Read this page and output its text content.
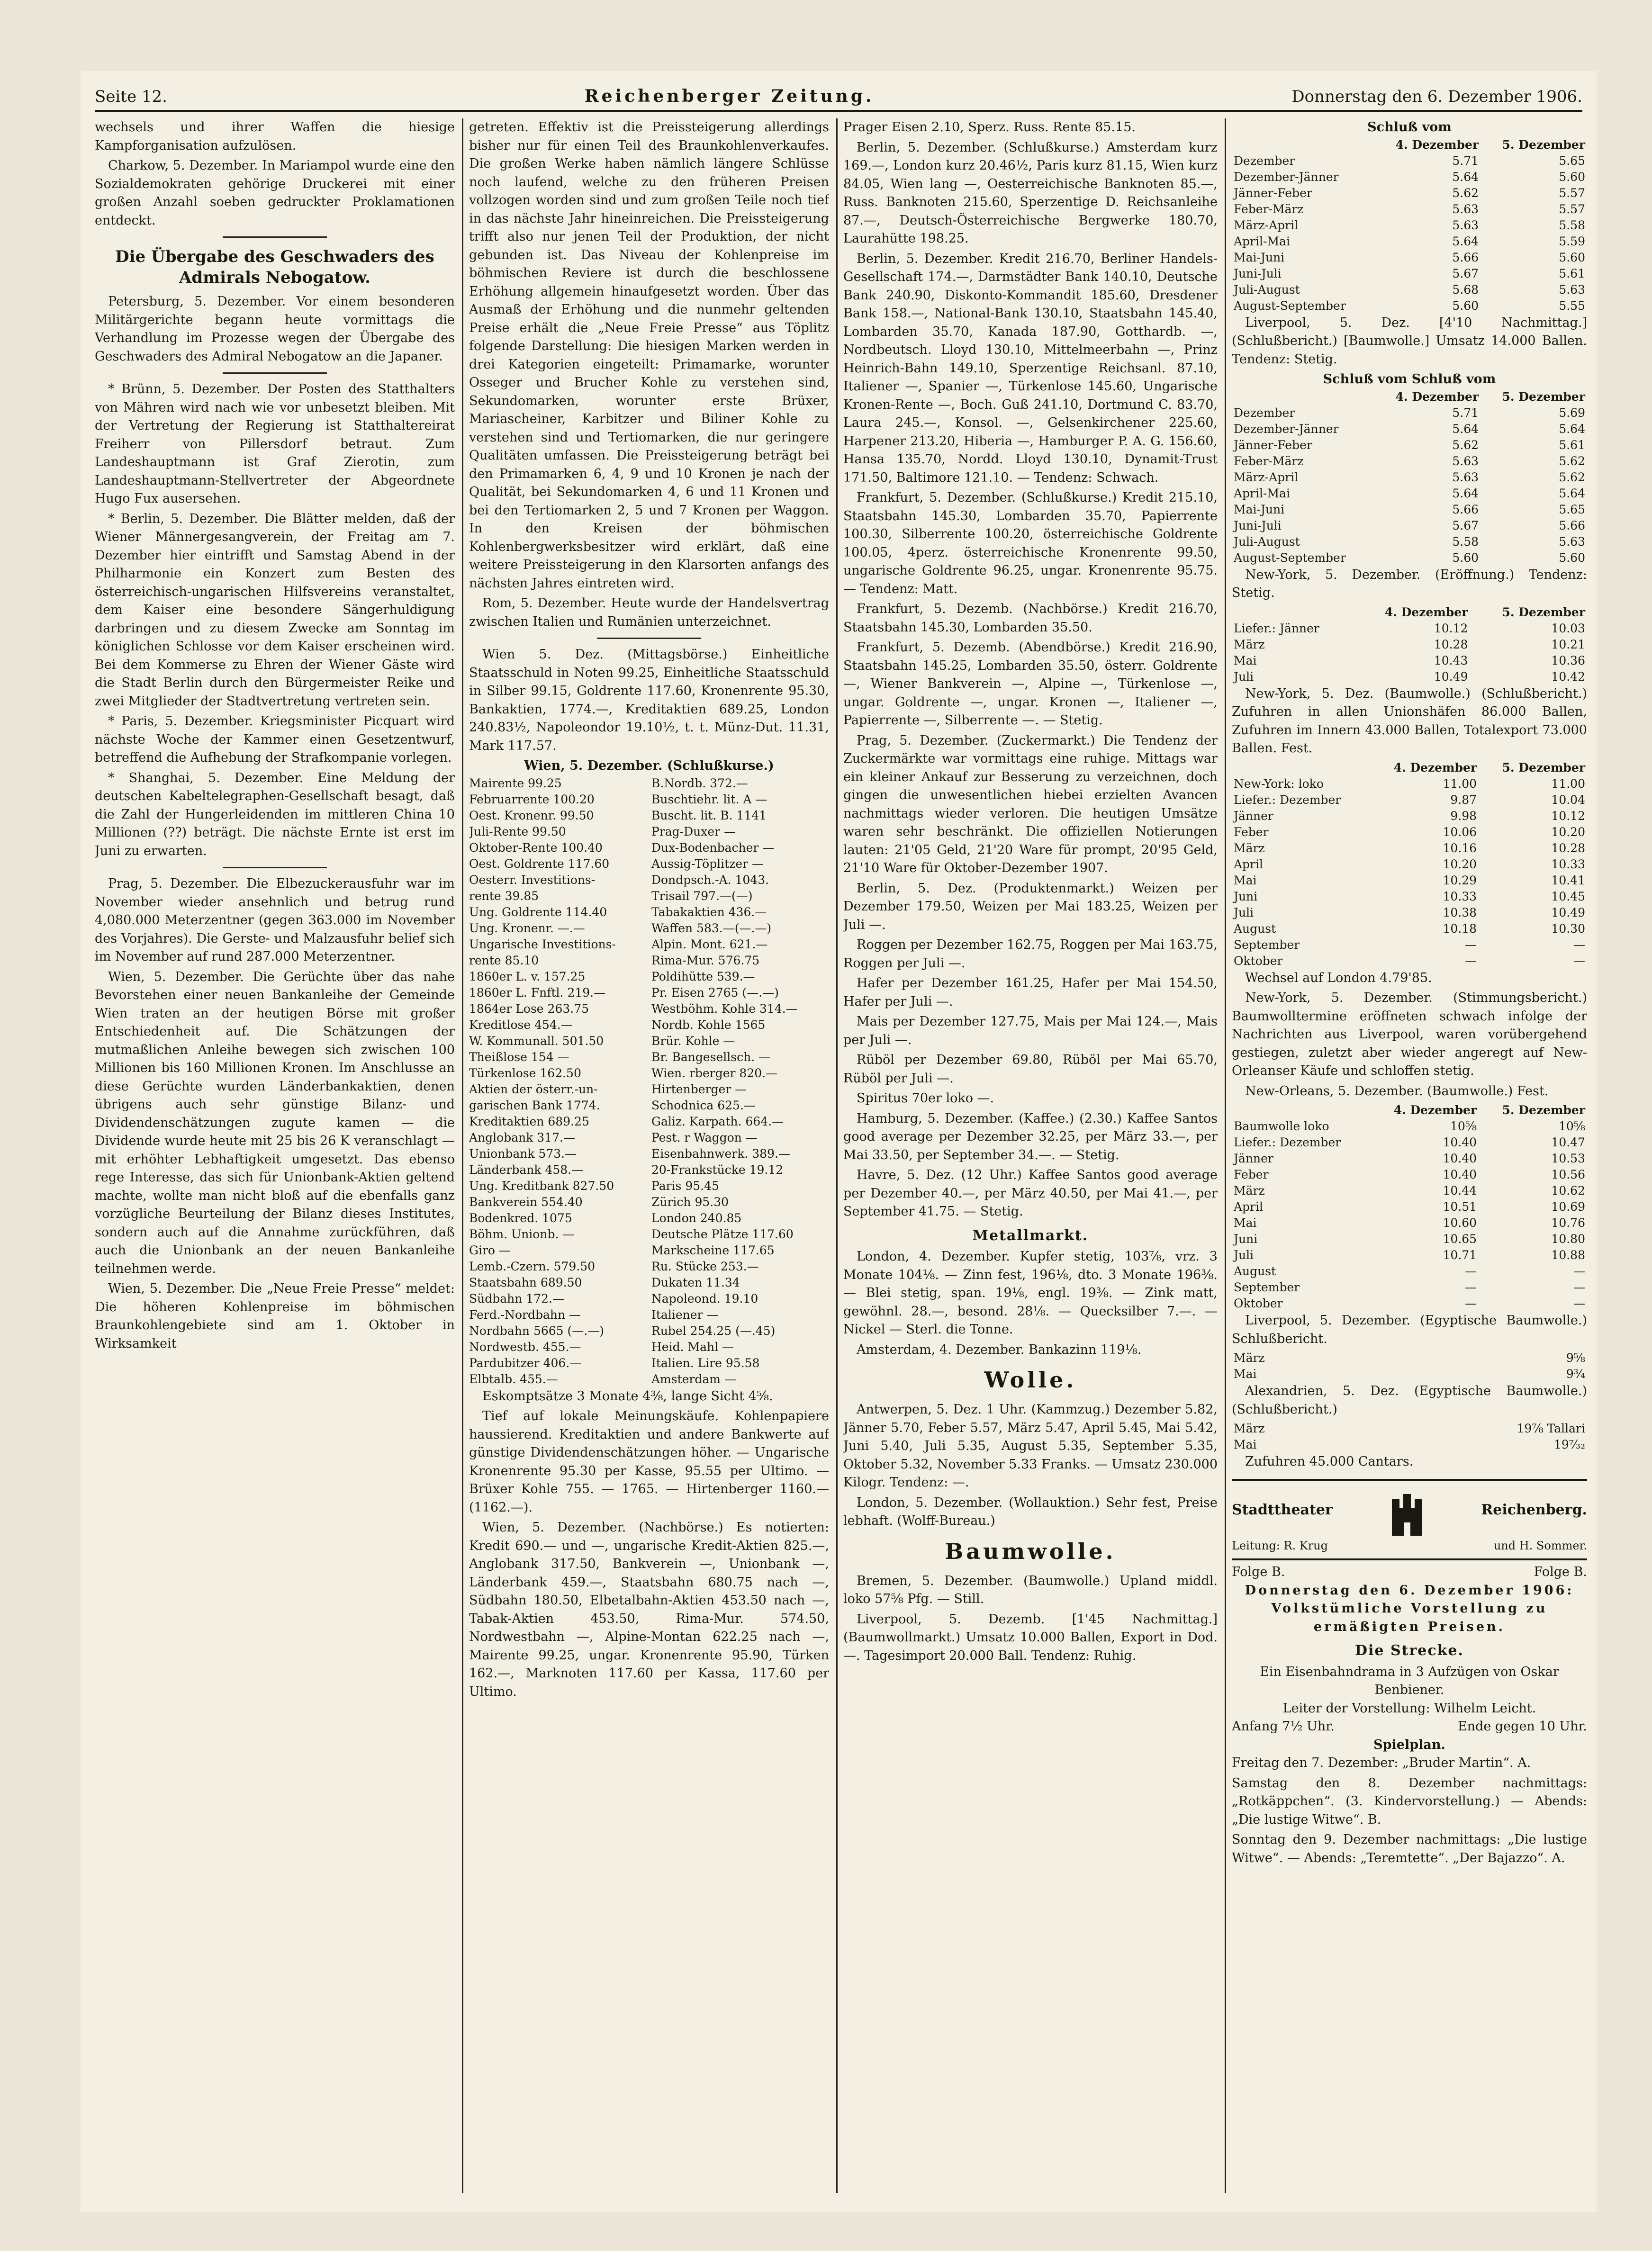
Seite 12.	Reichenberger Zeitung.	Donnerstag den 6. Dezember 1906.

wechsels und ihrer Waffen die hiesige Kampforganisation aufzulösen.

Charkow, 5. Dezember. In Mariampol wurde eine den Sozialdemokraten gehörige Druckerei mit einer großen Anzahl soeben gedruckter Proklamationen entdeckt.

Die Übergabe des Geschwaders des Admirals Nebogatow.

Petersburg, 5. Dezember. Vor einem besonderen Militärgerichte begann heute vormittags die Verhandlung im Prozesse wegen der Übergabe des Geschwaders des Admiral Nebogatow an die Japaner.

* Brünn, 5. Dezember. Der Posten des Statthalters von Mähren wird nach wie vor unbesetzt bleiben. Mit der Vertretung der Regierung ist Statthaltereirat Freiherr von Pillersdorf betraut. Zum Landeshauptmann ist Graf Zierotin, zum Landeshauptmann-Stellvertreter der Abgeordnete Hugo Fux ausersehen.

* Berlin, 5. Dezember. Die Blätter melden, daß der Wiener Männergesangverein, der Freitag am 7. Dezember hier eintrifft und Samstag Abend in der Philharmonie ein Konzert zum Besten des österreichisch-ungarischen Hilfsvereins veranstaltet, dem Kaiser eine besondere Sängerhuldigung darbringen und zu diesem Zwecke am Sonntag im königlichen Schlosse vor dem Kaiser erscheinen wird. Bei dem Kommerse zu Ehren der Wiener Gäste wird die Stadt Berlin durch den Bürgermeister Reike und zwei Mitglieder der Stadtvertretung vertreten sein.

* Paris, 5. Dezember. Kriegsminister Picquart wird nächste Woche der Kammer einen Gesetzentwurf, betreffend die Aufhebung der Strafkompanie vorlegen.

* Shanghai, 5. Dezember. Eine Meldung der deutschen Kabeltelegraphen-Gesellschaft besagt, daß die Zahl der Hungerleidenden im mittleren China 10 Millionen (??) beträgt. Die nächste Ernte ist erst im Juni zu erwarten.

Prag, 5. Dezember. Die Elbezuckerausfuhr war im November wieder ansehnlich und betrug rund 4,080.000 Meterzentner (gegen 363.000 im November des Vorjahres). Die Gerste- und Malzausfuhr belief sich im November auf rund 287.000 Meterzentner.

Wien, 5. Dezember. Die Gerüchte über das nahe Bevorstehen einer neuen Bankanleihe der Gemeinde Wien traten an der heutigen Börse mit großer Entschiedenheit auf. Die Schätzungen der mutmaßlichen Anleihe bewegen sich zwischen 100 Millionen bis 160 Millionen Kronen. Im Anschlusse an diese Gerüchte wurden Länderbankaktien, denen übrigens auch sehr günstige Bilanz- und Dividendenschätzungen zugute kamen — die Dividende wurde heute mit 25 bis 26 K veranschlagt — mit erhöhter Lebhaftigkeit umgesetzt. Das ebenso rege Interesse, das sich für Unionbank-Aktien geltend machte, wollte man nicht bloß auf die ebenfalls ganz vorzügliche Beurteilung der Bilanz dieses Institutes, sondern auch auf die Annahme zurückführen, daß auch die Unionbank an der neuen Bankanleihe teilnehmen werde.

Wien, 5. Dezember. Die „Neue Freie Presse“ meldet: Die höheren Kohlenpreise im böhmischen Braunkohlengebiete sind am 1. Oktober in Wirksamkeit

getreten. Effektiv ist die Preissteigerung allerdings bisher nur für einen Teil des Braunkohlenverkaufes. Die großen Werke haben nämlich längere Schlüsse noch laufend, welche zu den früheren Preisen vollzogen worden sind und zum großen Teile noch tief in das nächste Jahr hineinreichen. Die Preissteigerung trifft also nur jenen Teil der Produktion, der nicht gebunden ist. Das Niveau der Kohlenpreise im böhmischen Reviere ist durch die beschlossene Erhöhung allgemein hinaufgesetzt worden. Über das Ausmaß der Erhöhung und die nunmehr geltenden Preise erhält die „Neue Freie Presse“ aus Töplitz folgende Darstellung: Die hiesigen Marken werden in drei Kategorien eingeteilt: Primamarke, worunter Osseger und Brucher Kohle zu verstehen sind, Sekundomarken, worunter erste Brüxer, Mariascheiner, Karbitzer und Biliner Kohle zu verstehen sind und Tertiomarken, die nur geringere Qualitäten umfassen. Die Preissteigerung beträgt bei den Primamarken 6, 4, 9 und 10 Kronen je nach der Qualität, bei Sekundomarken 4, 6 und 11 Kronen und bei den Tertiomarken 2, 5 und 7 Kronen per Waggon. In den Kreisen der böhmischen Kohlenbergwerksbesitzer wird erklärt, daß eine weitere Preissteigerung in den Klarsorten anfangs des nächsten Jahres eintreten wird.

Rom, 5. Dezember. Heute wurde der Handelsvertrag zwischen Italien und Rumänien unterzeichnet.

Wien 5. Dez. (Mittagsbörse.) Einheitliche Staatsschuld in Noten 99.25, Einheitliche Staatsschuld in Silber 99.15, Goldrente 117.60, Kronenrente 95.30, Bankaktien, 1774.—, Kreditaktien 689.25, London 240.83½, Napoleondor 19.10½, t. t. Münz-Dut. 11.31, Mark 117.57.

Wien, 5. Dezember. (Schlußkurse.)
Mairente 99.25	B.Nordb. 372.—
Februarrente 100.20	Buschtiehr. lit. A —
Oest. Kronenr. 99.50	Buscht. lit. B. 1141
Juli-Rente 99.50	Prag-Duxer —
Oktober-Rente 100.40	Dux-Bodenbacher —
Oest. Goldrente 117.60	Aussig-Töplitzer —
Oesterr. Investitions-	Dondpsch.-A. 1043.
rente 39.85	Trisail 797.—(—)
Ung. Goldrente 114.40	Tabakaktien 436.—
Ung. Kronenr. —.—	Waffen 583.—(—.—)
Ungarische Investitions-	Alpin. Mont. 621.—
rente 85.10	Rima-Mur. 576.75
1860er L. v. 157.25	Poldihütte 539.—
1860er L. Fnftl. 219.—	Pr. Eisen 2765 (—.—)
1864er Lose 263.75	Westböhm. Kohle 314.—
Kreditlose 454.—	Nordb. Kohle 1565
W. Kommunall. 501.50	Brür. Kohle —
Theißlose 154 —	Br. Bangesellsch. —
Türkenlose 162.50	Wien. rberger 820.—
Aktien der österr.-un-	Hirtenberger —
garischen Bank 1774.	Schodnica 625.—
Kreditaktien 689.25	Galiz. Karpath. 664.—
Anglobank 317.—	Pest. r Waggon —
Unionbank 573.—	Eisenbahnwerk. 389.—
Länderbank 458.—	20-Frankstücke 19.12
Ung. Kreditbank 827.50	Paris 95.45
Bankverein 554.40	Zürich 95.30
Bodenkred. 1075	London 240.85
Böhm. Unionb. —	Deutsche Plätze 117.60
Giro —	Markscheine 117.65
Lemb.-Czern. 579.50	Ru. Stücke 253.—
Staatsbahn 689.50	Dukaten 11.34
Südbahn 172.—	Napoleond. 19.10
Ferd.-Nordbahn —	Italiener —
Nordbahn 5665 (—.—)	Rubel 254.25 (—.45)
Nordwestb. 455.—	Heid. Mahl —
Pardubitzer 406.—	Italien. Lire 95.58
Elbtalb. 455.—	Amsterdam —

Eskomptsätze 3 Monate 4⅜, lange Sicht 4⅝.

Tief auf lokale Meinungskäufe. Kohlenpapiere haussierend. Kreditaktien und andere Bankwerte auf günstige Dividendenschätzungen höher. — Ungarische Kronenrente 95.30 per Kasse, 95.55 per Ultimo. — Brüxer Kohle 755. — 1765. — Hirtenberger 1160.— (1162.—).

Wien, 5. Dezember. (Nachbörse.) Es notierten: Kredit 690.— und —, ungarische Kredit-Aktien 825.—, Anglobank 317.50, Bankverein —, Unionbank —, Länderbank 459.—, Staatsbahn 680.75 nach —, Südbahn 180.50, Elbetalbahn-Aktien 453.50 nach —, Tabak-Aktien 453.50, Rima-Mur. 574.50, Nordwestbahn —, Alpine-Montan 622.25 nach —, Mairente 99.25, ungar. Kronenrente 95.90, Türken 162.—, Marknoten 117.60 per Kassa, 117.60 per Ultimo.

Prager Eisen 2.10, Sperz. Russ. Rente 85.15.

Berlin, 5. Dezember. (Schlußkurse.) Amsterdam kurz 169.—, London kurz 20.46½, Paris kurz 81.15, Wien kurz 84.05, Wien lang —, Oesterreichische Banknoten 85.—, Russ. Banknoten 215.60, Sperzentige D. Reichsanleihe 87.—, Deutsch-Österreichische Bergwerke 180.70, Laurahütte 198.25.

Berlin, 5. Dezember. Kredit 216.70, Berliner Handels-Gesellschaft 174.—, Darmstädter Bank 140.10, Deutsche Bank 240.90, Diskonto-Kommandit 185.60, Dresdener Bank 158.—, National-Bank 130.10, Staatsbahn 145.40, Lombarden 35.70, Kanada 187.90, Gotthardb. —, Nordbeutsch. Lloyd 130.10, Mittelmeerbahn —, Prinz Heinrich-Bahn 149.10, Sperzentige Reichsanl. 87.10, Italiener —, Spanier —, Türkenlose 145.60, Ungarische Kronen-Rente —, Boch. Guß 241.10, Dortmund C. 83.70, Laura 245.—, Konsol. —, Gelsenkirchener 225.60, Harpener 213.20, Hiberia —, Hamburger P. A. G. 156.60, Hansa 135.70, Nordd. Lloyd 130.10, Dynamit-Trust 171.50, Baltimore 121.10. — Tendenz: Schwach.

Frankfurt, 5. Dezember. (Schlußkurse.) Kredit 215.10, Staatsbahn 145.30, Lombarden 35.70, Papierrente 100.30, Silberrente 100.20, österreichische Goldrente 100.05, 4perz. österreichische Kronenrente 99.50, ungarische Goldrente 96.25, ungar. Kronenrente 95.75. — Tendenz: Matt.

Frankfurt, 5. Dezemb. (Nachbörse.) Kredit 216.70, Staatsbahn 145.30, Lombarden 35.50.

Frankfurt, 5. Dezemb. (Abendbörse.) Kredit 216.90, Staatsbahn 145.25, Lombarden 35.50, österr. Goldrente —, Wiener Bankverein —, Alpine —, Türkenlose —, ungar. Goldrente —, ungar. Kronen —, Italiener —, Papierrente —, Silberrente —. — Stetig.

Prag, 5. Dezember. (Zuckermarkt.) Die Tendenz der Zuckermärkte war vormittags eine ruhige. Mittags war ein kleiner Ankauf zur Besserung zu verzeichnen, doch gingen die unwesentlichen hiebei erzielten Avancen nachmittags wieder verloren. Die heutigen Umsätze waren sehr beschränkt. Die offiziellen Notierungen lauten: 21'05 Geld, 21'20 Ware für prompt, 20'95 Geld, 21'10 Ware für Oktober-Dezember 1907.

Berlin, 5. Dez. (Produktenmarkt.) Weizen per Dezember 179.50, Weizen per Mai 183.25, Weizen per Juli —.

Roggen per Dezember 162.75, Roggen per Mai 163.75, Roggen per Juli —.

Hafer per Dezember 161.25, Hafer per Mai 154.50, Hafer per Juli —.

Mais per Dezember 127.75, Mais per Mai 124.—, Mais per Juli —.

Rüböl per Dezember 69.80, Rüböl per Mai 65.70, Rüböl per Juli —.

Spiritus 70er loko —.

Hamburg, 5. Dezember. (Kaffee.) (2.30.) Kaffee Santos good average per Dezember 32.25, per März 33.—, per Mai 33.50, per September 34.—. — Stetig.

Havre, 5. Dez. (12 Uhr.) Kaffee Santos good average per Dezember 40.—, per März 40.50, per Mai 41.—, per September 41.75. — Stetig.

Metallmarkt.

London, 4. Dezember. Kupfer stetig, 103⅞, vrz. 3 Monate 104⅛. — Zinn fest, 196⅛, dto. 3 Monate 196⅜. — Blei stetig, span. 19⅛, engl. 19⅜. — Zink matt, gewöhnl. 28.—, besond. 28⅛. — Quecksilber 7.—. — Nickel — Sterl. die Tonne.

Amsterdam, 4. Dezember. Bankazinn 119⅛.

Wolle.

Antwerpen, 5. Dez. 1 Uhr. (Kammzug.) Dezember 5.82, Jänner 5.70, Feber 5.57, März 5.47, April 5.45, Mai 5.42, Juni 5.40, Juli 5.35, August 5.35, September 5.35, Oktober 5.32, November 5.33 Franks. — Umsatz 230.000 Kilogr. Tendenz: —.

London, 5. Dezember. (Wollauktion.) Sehr fest, Preise lebhaft. (Wolff-Bureau.)

Baumwolle.

Bremen, 5. Dezember. (Baumwolle.) Upland middl. loko 57⅝ Pfg. — Still.

Liverpool, 5. Dezemb. [1'45 Nachmittag.] (Baumwollmarkt.) Umsatz 10.000 Ballen, Export in Dod. —. Tagesimport 20.000 Ball. Tendenz: Ruhig.

Schluß vom
	4. Dezember	5. Dezember
Dezember	5.71	5.65
Dezember-Jänner	5.64	5.60
Jänner-Feber	5.62	5.57
Feber-März	5.63	5.57
März-April	5.63	5.58
April-Mai	5.64	5.59
Mai-Juni	5.66	5.60
Juni-Juli	5.67	5.61
Juli-August	5.68	5.63
August-September	5.60	5.55

Liverpool, 5. Dez. [4'10 Nachmittag.] (Schlußbericht.) [Baumwolle.] Umsatz 14.000 Ballen. Tendenz: Stetig.

Schluß vom Schluß vom
	4. Dezember	5. Dezember
Dezember	5.71	5.69
Dezember-Jänner	5.64	5.64
Jänner-Feber	5.62	5.61
Feber-März	5.63	5.62
März-April	5.63	5.62
April-Mai	5.64	5.64
Mai-Juni	5.66	5.65
Juni-Juli	5.67	5.66
Juli-August	5.58	5.63
August-September	5.60	5.60

New-York, 5. Dezember. (Eröffnung.) Tendenz: Stetig.

	4. Dezember	5. Dezember
Liefer.: Jänner	10.12	10.03
März	10.28	10.21
Mai	10.43	10.36
Juli	10.49	10.42

New-York, 5. Dez. (Baumwolle.) (Schlußbericht.) Zufuhren in allen Unionshäfen 86.000 Ballen, Zufuhren im Innern 43.000 Ballen, Totalexport 73.000 Ballen. Fest.

	4. Dezember	5. Dezember
New-York: loko	11.00	11.00
Liefer.: Dezember	9.87	10.04
Jänner	9.98	10.12
Feber	10.06	10.20
März	10.16	10.28
April	10.20	10.33
Mai	10.29	10.41
Juni	10.33	10.45
Juli	10.38	10.49
August	10.18	10.30
September	—	—
Oktober	—	—

Wechsel auf London 4.79'85.

New-York, 5. Dezember. (Stimmungsbericht.) Baumwolltermine eröffneten schwach infolge der Nachrichten aus Liverpool, waren vorübergehend gestiegen, zuletzt aber wieder angeregt auf New-Orleanser Käufe und schloffen stetig.

New-Orleans, 5. Dezember. (Baumwolle.) Fest.

	4. Dezember	5. Dezember
Baumwolle loko	10⅝	10⅝
Liefer.: Dezember	10.40	10.47
Jänner	10.40	10.53
Feber	10.40	10.56
März	10.44	10.62
April	10.51	10.69
Mai	10.60	10.76
Juni	10.65	10.80
Juli	10.71	10.88
August	—	—
September	—	—
Oktober	—	—

Liverpool, 5. Dezember. (Egyptische Baumwolle.) Schlußbericht.

März	9⅝
Mai	9¾

Alexandrien, 5. Dez. (Egyptische Baumwolle.) (Schlußbericht.)

März	19⅞ Tallari
Mai	19⁷⁄₃₂

Zufuhren 45.000 Cantars.

Stadttheater	Reichenberg.
Leitung: R. Krug	und H. Sommer.
Folge B.	Folge B.
Donnerstag den 6. Dezember 1906:
Volkstümliche Vorstellung zu ermäßigten Preisen.
Die Strecke.
Ein Eisenbahndrama in 3 Aufzügen von Oskar Benbiener.
Leiter der Vorstellung: Wilhelm Leicht.
Anfang 7½ Uhr.	Ende gegen 10 Uhr.
Spielplan.

Freitag den 7. Dezember: „Bruder Martin“. A.

Samstag den 8. Dezember nachmittags: „Rotkäppchen“. (3. Kindervorstellung.) — Abends: „Die lustige Witwe“. B.

Sonntag den 9. Dezember nachmittags: „Die lustige Witwe“. — Abends: „Teremtette“. „Der Bajazzo“. A.
